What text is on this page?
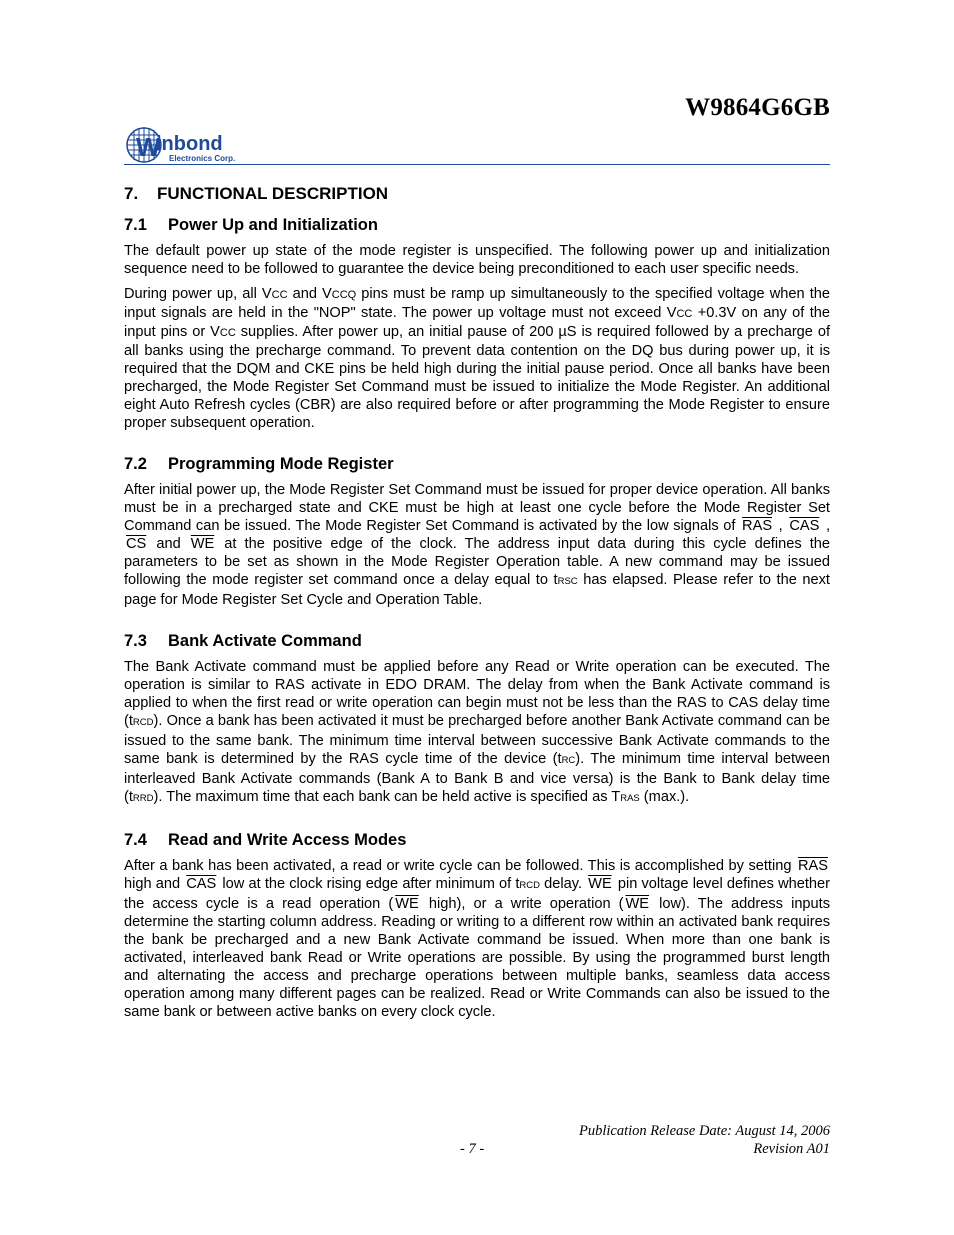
W9864G6GB
W
inbond
Electronics Corp.
7. FUNCTIONAL DESCRIPTION
7.1 Power Up and Initialization

The default power up state of the mode register is unspecified. The following power up and initialization sequence need to be followed to guarantee the device being preconditioned to each user specific needs.

During power up, all VCC and VCCQ pins must be ramp up simultaneously to the specified voltage when the input signals are held in the "NOP" state. The power up voltage must not exceed VCC +0.3V on any of the input pins or VCC supplies. After power up, an initial pause of 200 µS is required followed by a precharge of all banks using the precharge command. To prevent data contention on the DQ bus during power up, it is required that the DQM and CKE pins be held high during the initial pause period. Once all banks have been precharged, the Mode Register Set Command must be issued to initialize the Mode Register. An additional eight Auto Refresh cycles (CBR) are also required before or after programming the Mode Register to ensure proper subsequent operation.

7.2 Programming Mode Register

After initial power up, the Mode Register Set Command must be issued for proper device operation. All banks must be in a precharged state and CKE must be high at least one cycle before the Mode Register Set Command can be issued. The Mode Register Set Command is activated by the low signals of $\overline{RAS}$ , $\overline{CAS}$ , $\overline{CS}$ and $\overline{WE}$ at the positive edge of the clock. The address input data during this cycle defines the parameters to be set as shown in the Mode Register Operation table. A new command may be issued following the mode register set command once a delay equal to tRSC has elapsed. Please refer to the next page for Mode Register Set Cycle and Operation Table.

7.3 Bank Activate Command

The Bank Activate command must be applied before any Read or Write operation can be executed. The operation is similar to RAS activate in EDO DRAM. The delay from when the Bank Activate command is applied to when the first read or write operation can begin must not be less than the RAS to CAS delay time (tRCD). Once a bank has been activated it must be precharged before another Bank Activate command can be issued to the same bank. The minimum time interval between successive Bank Activate commands to the same bank is determined by the RAS cycle time of the device (tRC). The minimum time interval between interleaved Bank Activate commands (Bank A to Bank B and vice versa) is the Bank to Bank delay time (tRRD). The maximum time that each bank can be held active is specified as TRAS (max.).

7.4 Read and Write Access Modes

After a bank has been activated, a read or write cycle can be followed. This is accomplished by setting $\overline{RAS}$ high and $\overline{CAS}$ low at the clock rising edge after minimum of tRCD delay. $\overline{WE}$ pin voltage level defines whether the access cycle is a read operation ( $\overline{WE}$ high), or a write operation ( $\overline{WE}$ low). The address inputs determine the starting column address. Reading or writing to a different row within an activated bank requires the bank be precharged and a new Bank Activate command be issued. When more than one bank is activated, interleaved bank Read or Write operations are possible. By using the programmed burst length and alternating the access and precharge operations between multiple banks, seamless data access operation among many different pages can be realized. Read or Write Commands can also be issued to the same bank or between active banks on every clock cycle.

Publication Release Date: August 14, 2006
Revision A01
- 7 -
